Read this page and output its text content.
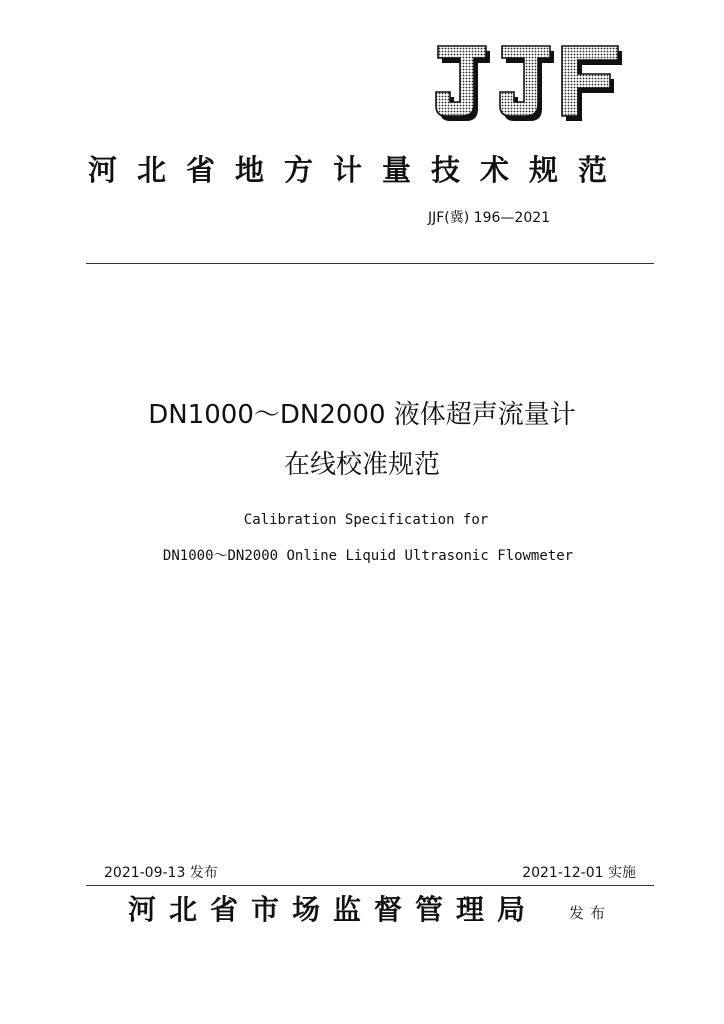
河北省地方计量技术规范
JJF(冀) 196—2021
DN1000～DN2000 液体超声流量计
在线校准规范
Calibration Specification for
DN1000～DN2000 Online Liquid Ultrasonic Flowmeter
2021-09-13 发布	2021-12-01 实施
河北省市场监督管理局 发布
